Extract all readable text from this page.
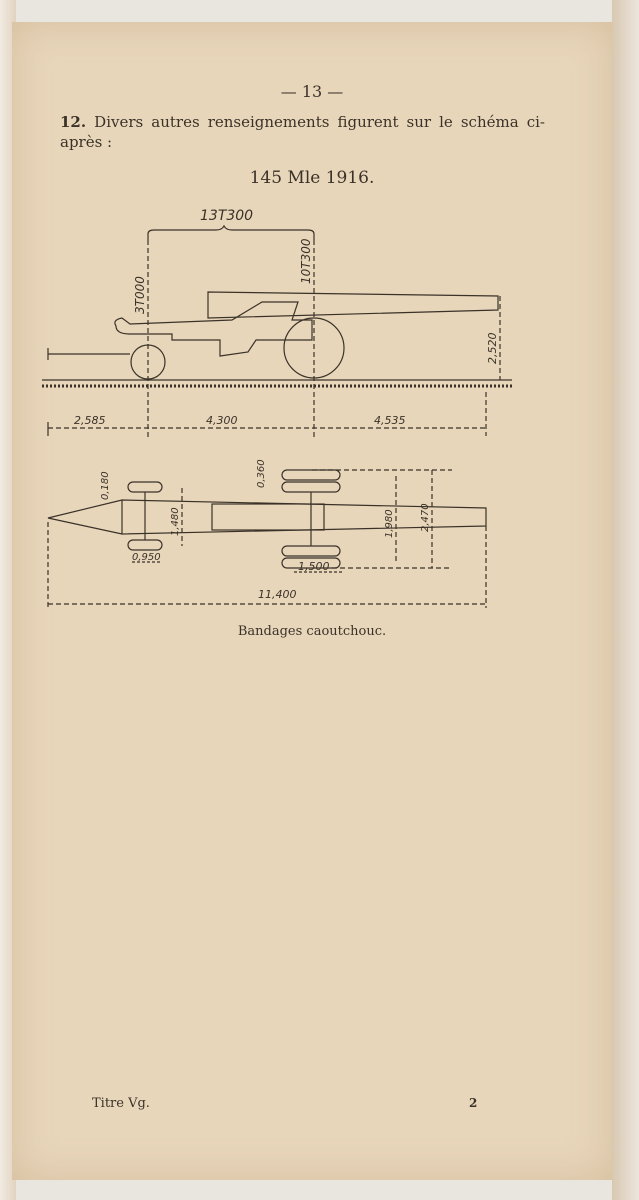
— 13 —
12. Divers autres renseignements figurent sur le schéma ci-après :
145 Mle 1916.
13T300
3T000
10T300
2,520
2,585	4,300	4,535
0,180	0,360
1,480	1,980	2,470
0,950
1,500
11,400
Bandages caoutchouc.
Titre Vg.	2
